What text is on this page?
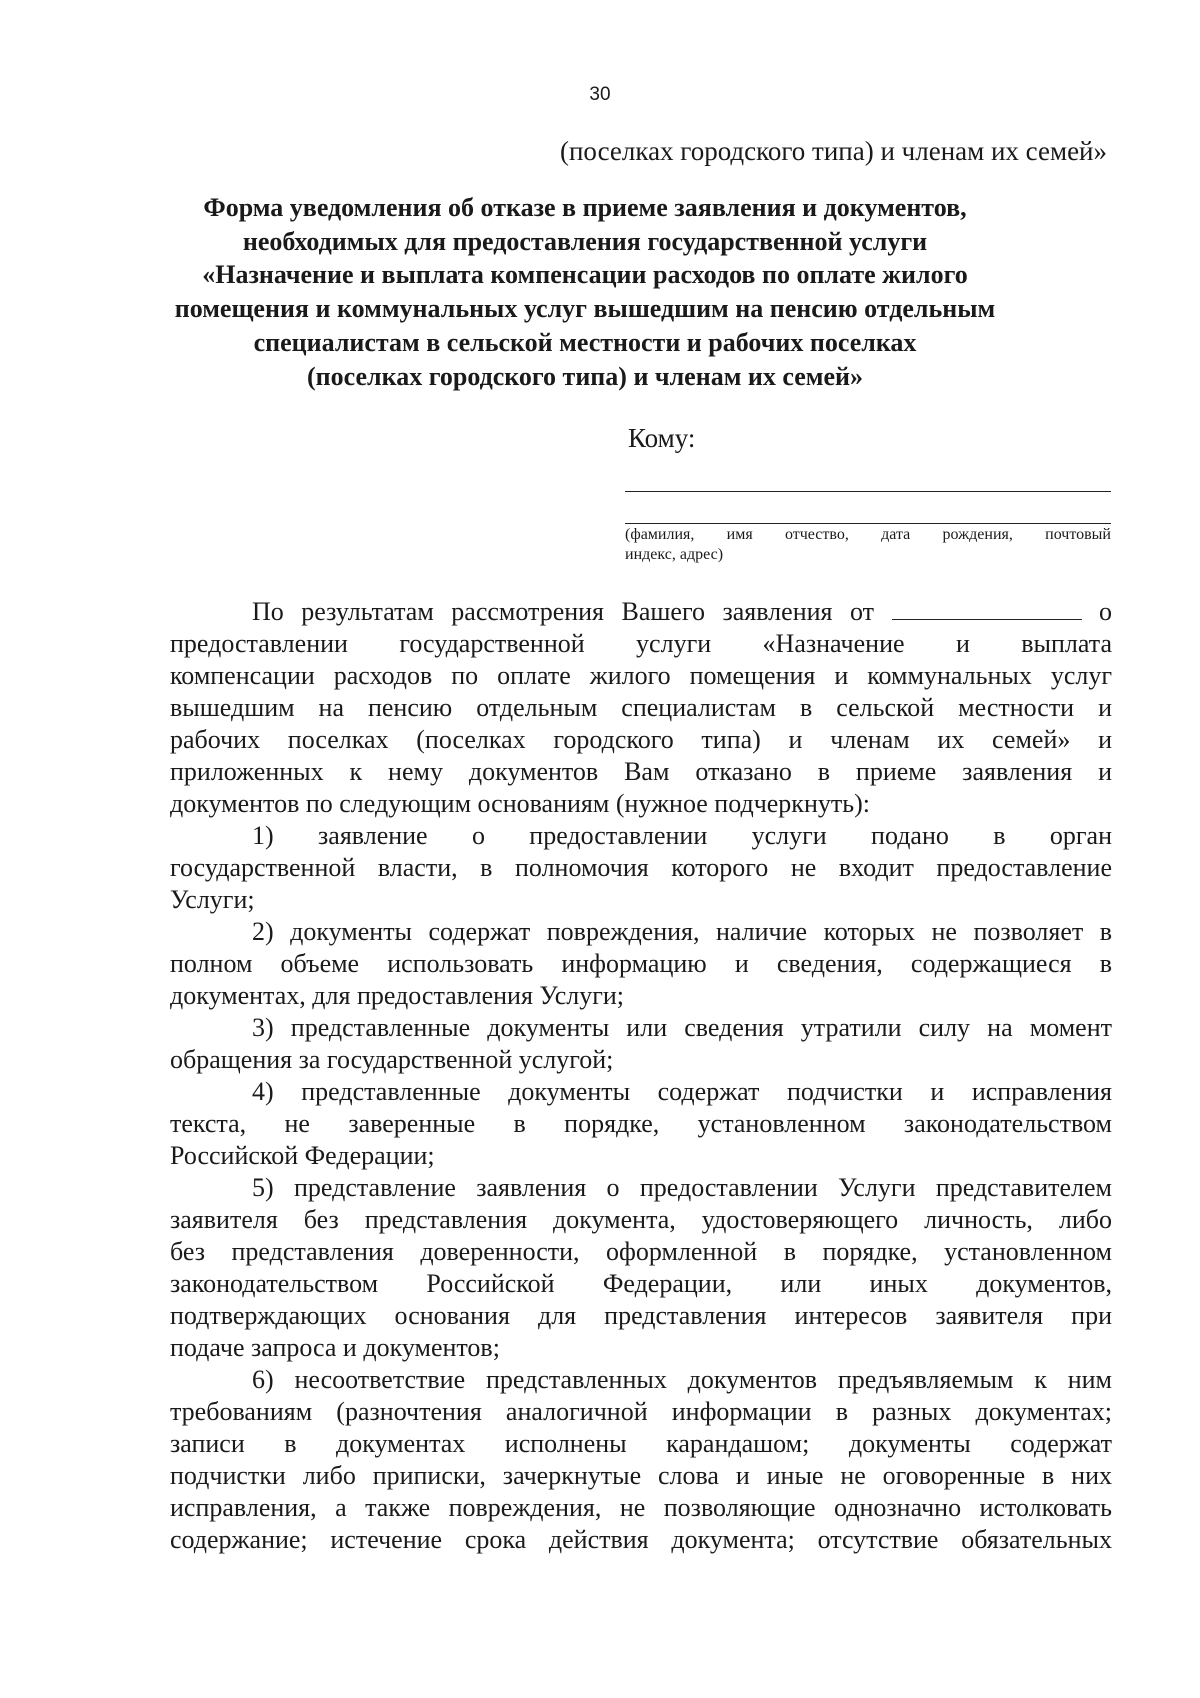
30
(поселках городского типа) и членам их семей»
Форма уведомления об отказе в приеме заявления и документов,
необходимых для предоставления государственной услуги
«Назначение и выплата компенсации расходов по оплате жилого
помещения и коммунальных услуг вышедшим на пенсию отдельным
специалистам в сельской местности и рабочих поселках
(поселках городского типа) и членам их семей»
Кому:
(фамилия, имя отчество, дата рождения, почтовый
индекс, адрес)
По результатам рассмотрения Вашего заявления от	о
предоставлении государственной услуги «Назначение и выплата
компенсации расходов по оплате жилого помещения и коммунальных услуг
вышедшим на пенсию отдельным специалистам в сельской местности и
рабочих поселках (поселках городского типа) и членам их семей» и
приложенных к нему документов Вам отказано в приеме заявления и
документов по следующим основаниям (нужное подчеркнуть):
1) заявление о предоставлении услуги подано в орган
государственной власти, в полномочия которого не входит предоставление
Услуги;
2) документы содержат повреждения, наличие которых не позволяет в
полном объеме использовать информацию и сведения, содержащиеся в
документах, для предоставления Услуги;
3) представленные документы или сведения утратили силу на момент
обращения за государственной услугой;
4) представленные документы содержат подчистки и исправления
текста, не заверенные в порядке, установленном законодательством
Российской Федерации;
5) представление заявления о предоставлении Услуги представителем
заявителя без представления документа, удостоверяющего личность, либо
без представления доверенности, оформленной в порядке, установленном
законодательством Российской Федерации, или иных документов,
подтверждающих основания для представления интересов заявителя при
подаче запроса и документов;
6) несоответствие представленных документов предъявляемым к ним
требованиям (разночтения аналогичной информации в разных документах;
записи в документах исполнены карандашом; документы содержат
подчистки либо приписки, зачеркнутые слова и иные не оговоренные в них
исправления, а также повреждения, не позволяющие однозначно истолковать
содержание; истечение срока действия документа; отсутствие обязательных
